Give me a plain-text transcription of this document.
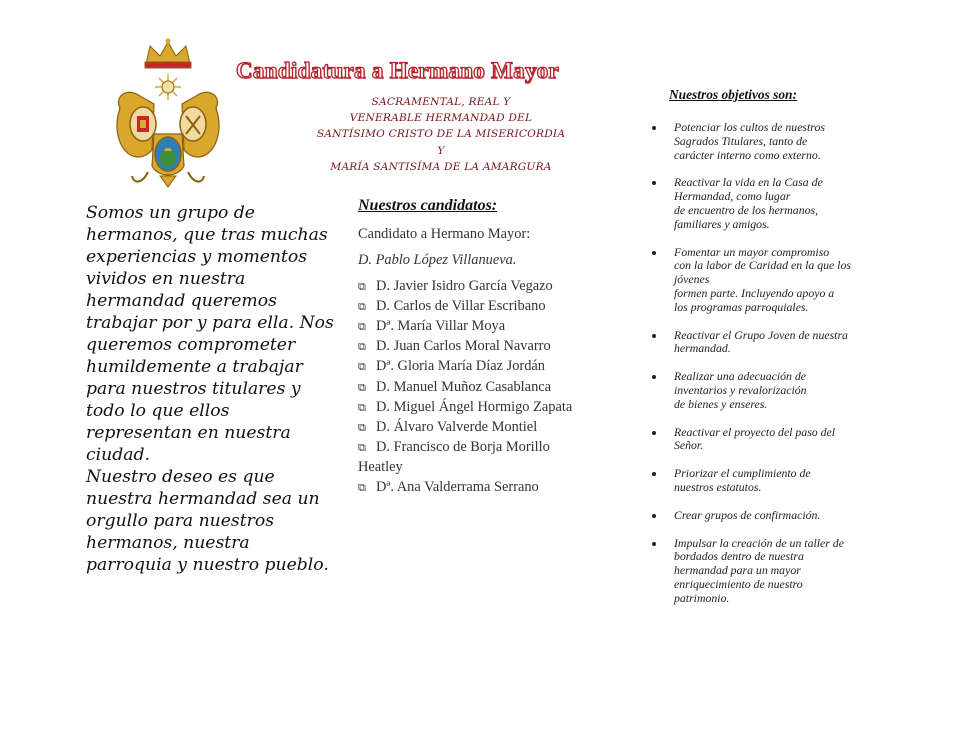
Candidatura a Hermano Mayor
SACRAMENTAL, REAL Y
VENERABLE HERMANDAD DEL
SANTÍSIMO CRISTO DE LA MISERICORDIA
Y
MARÍA SANTISÍMA DE LA AMARGURA

Somos un grupo de hermanos, que tras muchas experiencias y momentos vividos en nuestra hermandad queremos trabajar por y para ella. Nos queremos comprometer humildemente a trabajar para nuestros titulares y todo lo que ellos representan en nuestra ciudad.

Nuestro deseo es que nuestra hermandad sea un orgullo para nuestros hermanos, nuestra parroquia y nuestro pueblo.

Nuestros candidatos:
Candidato a Hermano Mayor:
D. Pablo López Villanueva.
⧉ D. Javier Isidro García Vegazo
⧉ D. Carlos de Villar Escribano
⧉ Dª. María Villar Moya
⧉ D. Juan Carlos Moral Navarro
⧉ Dª. Gloria María Díaz Jordán
⧉ D. Manuel Muñoz Casablanca
⧉ D. Miguel Ángel Hormigo Zapata
⧉ D. Álvaro Valverde Montiel
⧉ D. Francisco de Borja Morillo Heatley
⧉ Dª. Ana Valderrama Serrano
Nuestros objetivos son:
Potenciar los cultos de nuestros
Sagrados Titulares, tanto de
carácter interno como externo.
Reactivar la vida en la Casa de
Hermandad, como lugar
de encuentro de los hermanos,
familiares y amigos.
Fomentar un mayor compromiso
con la labor de Caridad en la que los
jóvenes
formen parte. Incluyendo apoyo a
los programas parroquiales.
Reactivar el Grupo Joven de nuestra
hermandad.
Realizar una adecuación de
inventarios y revalorización
de bienes y enseres.
Reactivar el proyecto del paso del
Señor.
Priorizar el cumplimiento de
nuestros estatutos.
Crear grupos de confirmación.
Impulsar la creación de un taller de
bordados dentro de nuestra
hermandad para un mayor
enriquecimiento de nuestro
patrimonio.
